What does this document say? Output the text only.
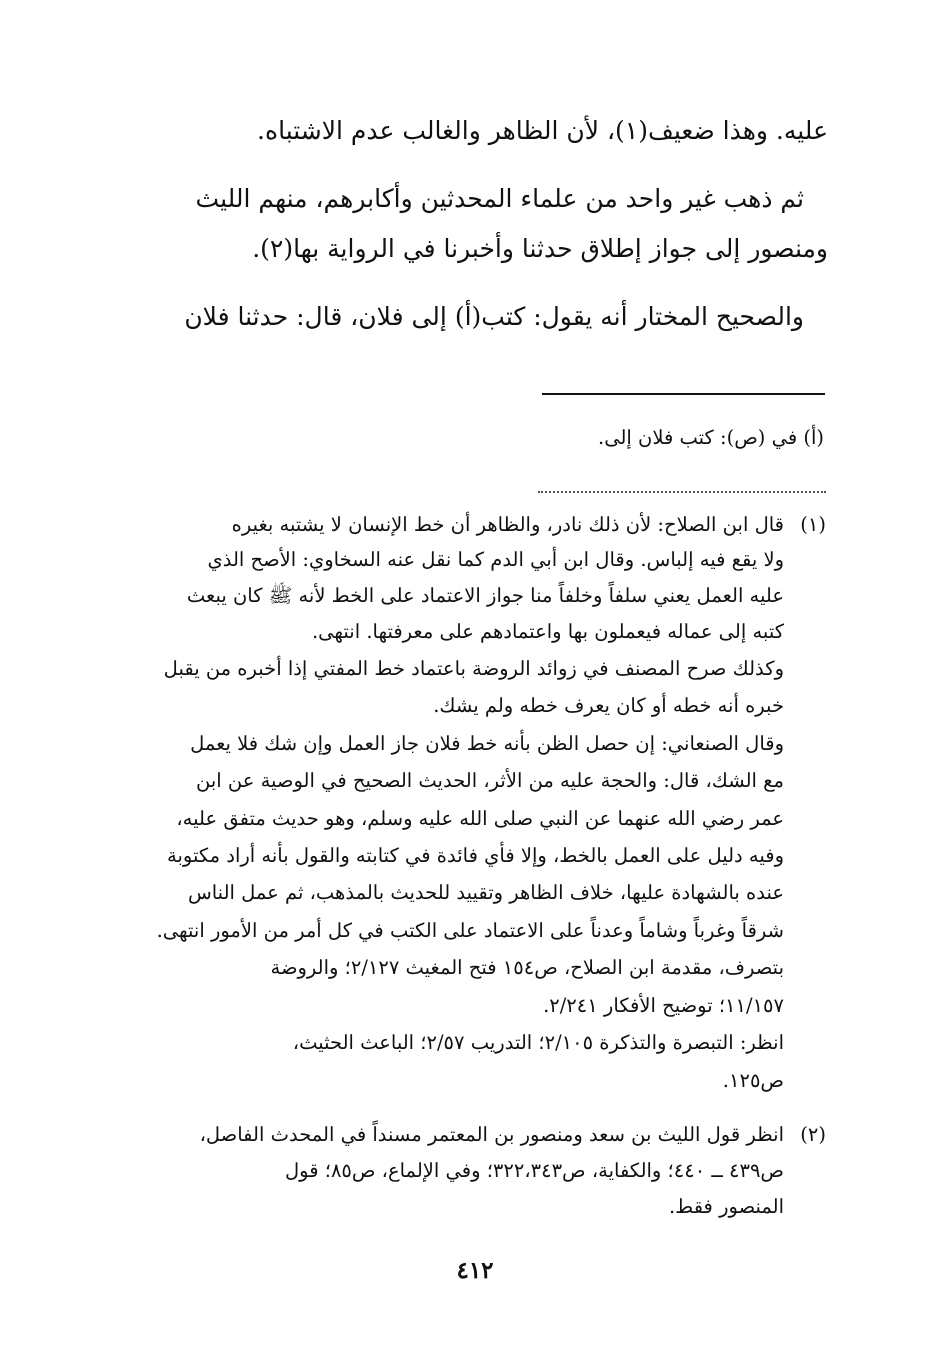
عليه. وهذا ضعيف(١)، لأن الظاهر والغالب عدم الاشتباه.
ثم ذهب غير واحد من علماء المحدثين وأكابرهم، منهم الليث
ومنصور إلى جواز إطلاق حدثنا وأخبرنا في الرواية بها(٢).
والصحيح المختار أنه يقول: كتب(أ) إلى فلان، قال: حدثنا فلان
(أ) في (ص): كتب فلان إلى.
(١)
قال ابن الصلاح: لأن ذلك نادر، والظاهر أن خط الإنسان لا يشتبه بغيره
ولا يقع فيه إلباس. وقال ابن أبي الدم كما نقل عنه السخاوي: الأصح الذي
عليه العمل يعني سلفاً وخلفاً منا جواز الاعتماد على الخط لأنه ﷺ كان يبعث
كتبه إلى عماله فيعملون بها واعتمادهم على معرفتها. انتهى.
وكذلك صرح المصنف في زوائد الروضة باعتماد خط المفتي إذا أخبره من يقبل
خبره أنه خطه أو كان يعرف خطه ولم يشك.
وقال الصنعاني: إن حصل الظن بأنه خط فلان جاز العمل وإن شك فلا يعمل
مع الشك، قال: والحجة عليه من الأثر، الحديث الصحيح في الوصية عن ابن
عمر رضي الله عنهما عن النبي صلى الله عليه وسلم، وهو حديث متفق عليه،
وفيه دليل على العمل بالخط، وإلا فأي فائدة في كتابته والقول بأنه أراد مكتوبة
عنده بالشهادة عليها، خلاف الظاهر وتقييد للحديث بالمذهب، ثم عمل الناس
شرقاً وغرباً وشاماً وعدناً على الاعتماد على الكتب في كل أمر من الأمور انتهى.
بتصرف، مقدمة ابن الصلاح، ص١٥٤ فتح المغيث ٢/١٢٧؛ والروضة
١١/١٥٧؛ توضيح الأفكار ٢/٢٤١.
انظر: التبصرة والتذكرة ٢/١٠٥؛ التدريب ٢/٥٧؛ الباعث الحثيث،
ص١٢٥.
(٢)
انظر قول الليث بن سعد ومنصور بن المعتمر مسنداً في المحدث الفاصل،
ص٤٣٩ ــ ٤٤٠؛ والكفاية، ص٣٢٢،٣٤٣؛ وفي الإلماع، ص٨٥؛ قول
المنصور فقط.
٤١٢
